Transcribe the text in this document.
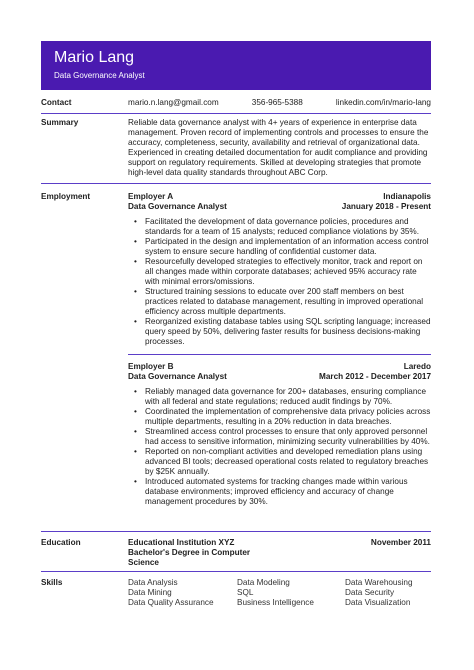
Mario Lang
Data Governance Analyst
Contact	mario.n.lang@gmail.com	356-965-5388	linkedin.com/in/mario-lang
Summary	Reliable data governance analyst with 4+ years of experience in enterprise data management. Proven record of implementing controls and processes to ensure the accuracy, completeness, security, availability and retrieval of organizational data. Experienced in creating detailed documentation for audit compliance and providing support on regulatory requirements. Skilled at developing strategies that promote high-level data quality standards throughout ABC Corp.
Employment	Employer A	Indianapolis
Data Governance Analyst	January 2018 - Present
• Facilitated the development of data governance policies, procedures and standards for a team of 15 analysts; reduced compliance violations by 35%.
• Participated in the design and implementation of an information access control system to ensure secure handling of confidential customer data.
• Resourcefully developed strategies to effectively monitor, track and report on all changes made within corporate databases; achieved 95% accuracy rate with minimal errors/omissions.
• Structured training sessions to educate over 200 staff members on best practices related to database management, resulting in improved operational efficiency across multiple departments.
• Reorganized existing database tables using SQL scripting language; increased query speed by 50%, delivering faster results for business decisions-making processes.
Employer B	Laredo
Data Governance Analyst	March 2012 - December 2017
• Reliably managed data governance for 200+ databases, ensuring compliance with all federal and state regulations; reduced audit findings by 70%.
• Coordinated the implementation of comprehensive data privacy policies across multiple departments, resulting in a 20% reduction in data breaches.
• Streamlined access control processes to ensure that only approved personnel had access to sensitive information, minimizing security vulnerabilities by 40%.
• Reported on non-compliant activities and developed remediation plans using advanced BI tools; decreased operational costs related to regulatory breaches by $25K annually.
• Introduced automated systems for tracking changes made within various database environments; improved efficiency and accuracy of change management procedures by 30%.
Education	Educational Institution XYZ	November 2011
Bachelor's Degree in Computer Science
Skills	Data Analysis	Data Modeling	Data Warehousing
Data Mining	SQL	Data Security
Data Quality Assurance	Business Intelligence	Data Visualization
